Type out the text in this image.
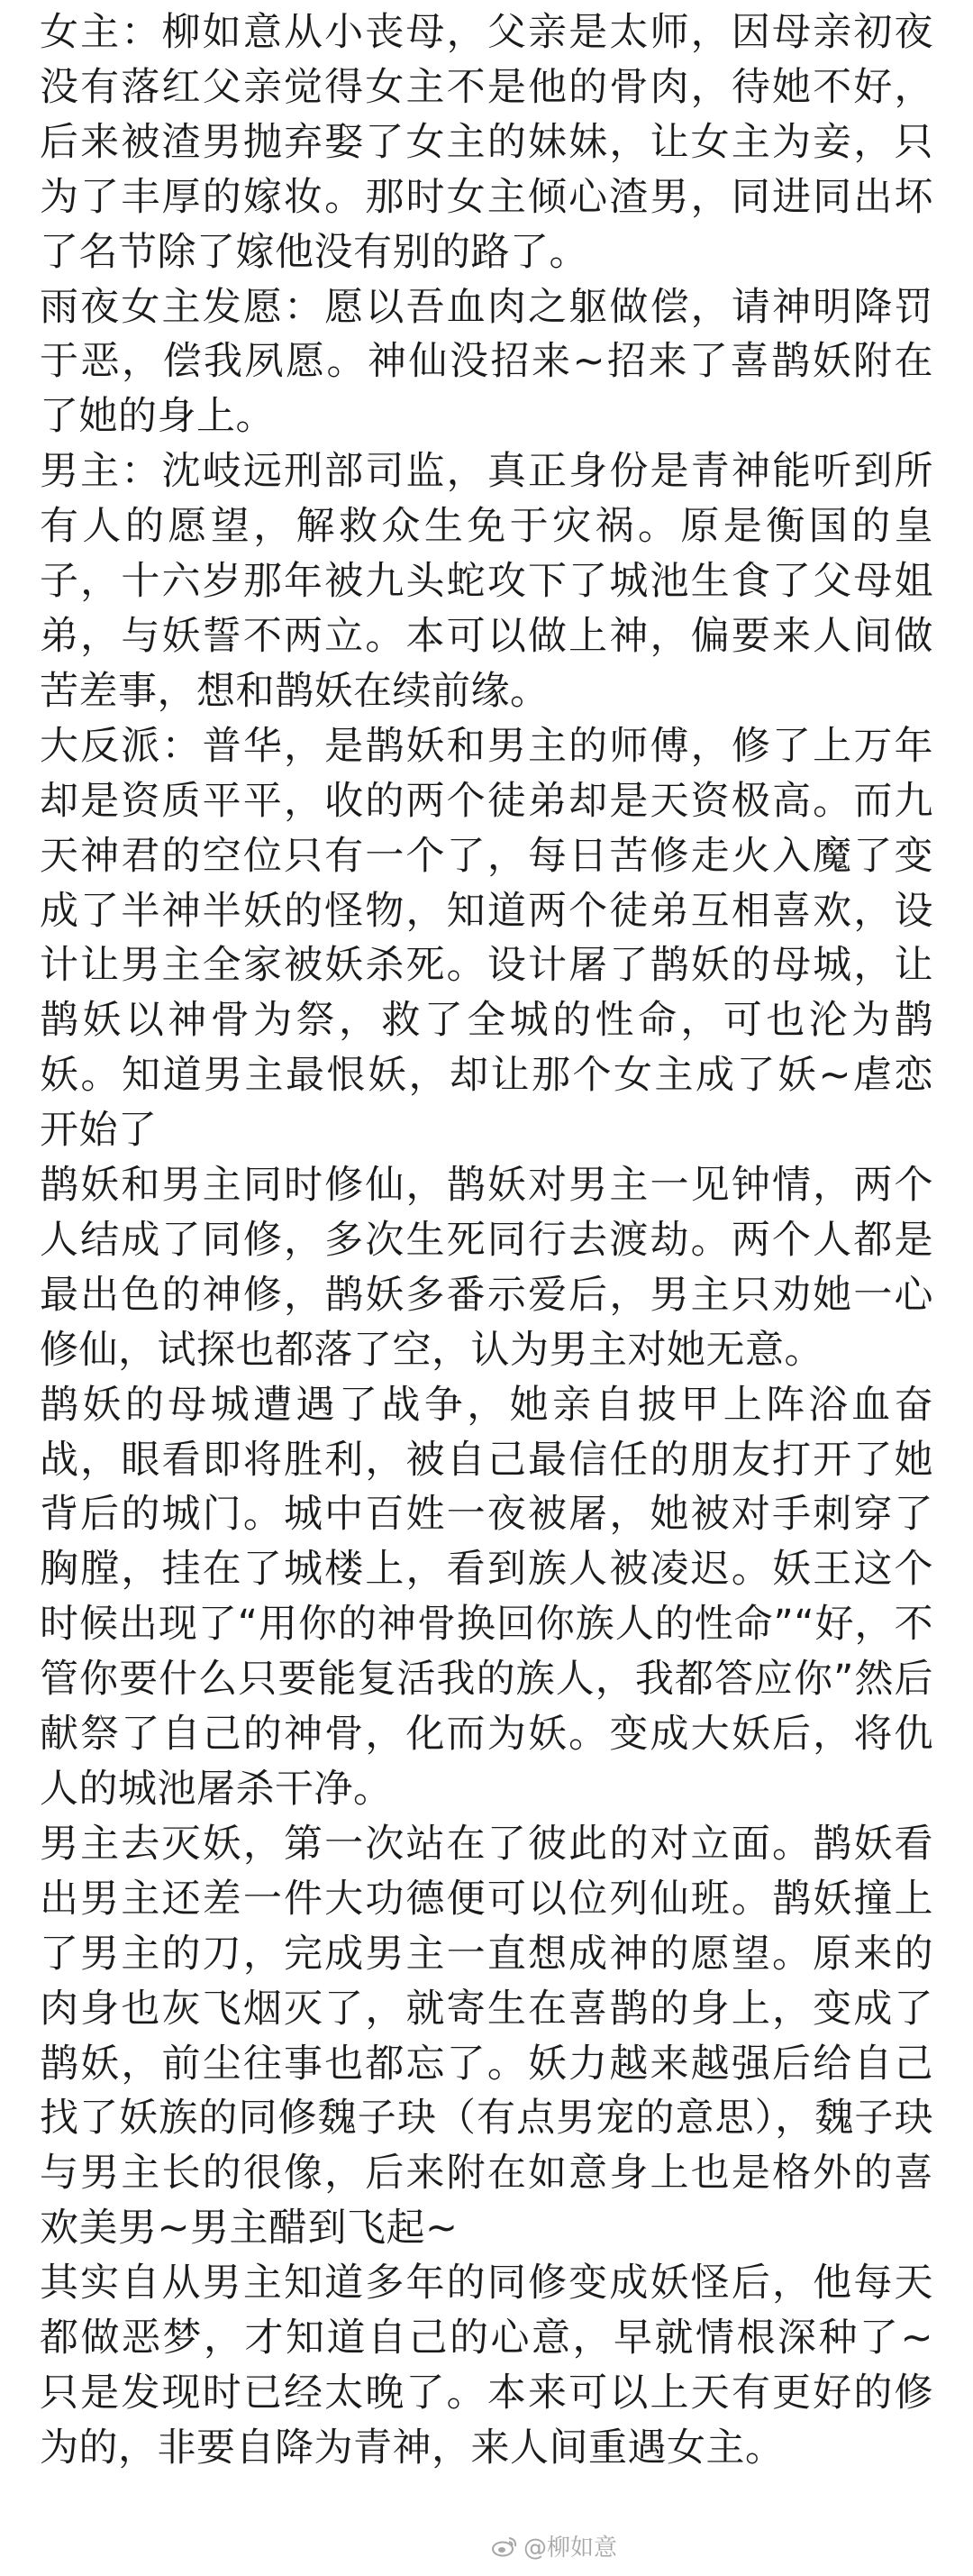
女主：柳如意从小丧母，父亲是太师，因母亲初夜没有落红父亲觉得女主不是他的骨肉，待她不好，后来被渣男抛弃娶了女主的妹妹，让女主为妾，只为了丰厚的嫁妆。那时女主倾心渣男，同进同出坏了名节除了嫁他没有别的路了。

雨夜女主发愿：愿以吾血肉之躯做偿，请神明降罚于恶，偿我夙愿。神仙没招来~招来了喜鹊妖附在了她的身上。

男主：沈岐远刑部司监，真正身份是青神能听到所有人的愿望，解救众生免于灾祸。原是衡国的皇子，十六岁那年被九头蛇攻下了城池生食了父母姐弟，与妖誓不两立。本可以做上神，偏要来人间做苦差事，想和鹊妖在续前缘。

大反派：普华，是鹊妖和男主的师傅，修了上万年却是资质平平，收的两个徒弟却是天资极高。而九天神君的空位只有一个了，每日苦修走火入魔了变成了半神半妖的怪物，知道两个徒弟互相喜欢，设计让男主全家被妖杀死。设计屠了鹊妖的母城，让鹊妖以神骨为祭，救了全城的性命，可也沦为鹊妖。知道男主最恨妖，却让那个女主成了妖~虐恋开始了

鹊妖和男主同时修仙，鹊妖对男主一见钟情，两个人结成了同修，多次生死同行去渡劫。两个人都是最出色的神修，鹊妖多番示爱后，男主只劝她一心修仙，试探也都落了空，认为男主对她无意。

鹊妖的母城遭遇了战争，她亲自披甲上阵浴血奋战，眼看即将胜利，被自己最信任的朋友打开了她背后的城门。城中百姓一夜被屠，她被对手刺穿了胸膛，挂在了城楼上，看到族人被凌迟。妖王这个时候出现了“用你的神骨换回你族人的性命”“好，不管你要什么只要能复活我的族人，我都答应你”然后献祭了自己的神骨，化而为妖。变成大妖后，将仇人的城池屠杀干净。

男主去灭妖，第一次站在了彼此的对立面。鹊妖看出男主还差一件大功德便可以位列仙班。鹊妖撞上了男主的刀，完成男主一直想成神的愿望。原来的肉身也灰飞烟灭了，就寄生在喜鹊的身上，变成了鹊妖，前尘往事也都忘了。妖力越来越强后给自己找了妖族的同修魏子玦（有点男宠的意思），魏子玦与男主长的很像，后来附在如意身上也是格外的喜欢美男~男主醋到飞起~

其实自从男主知道多年的同修变成妖怪后，他每天都做恶梦，才知道自己的心意，早就情根深种了~只是发现时已经太晚了。本来可以上天有更好的修为的，非要自降为青神，来人间重遇女主。

@柳如意
